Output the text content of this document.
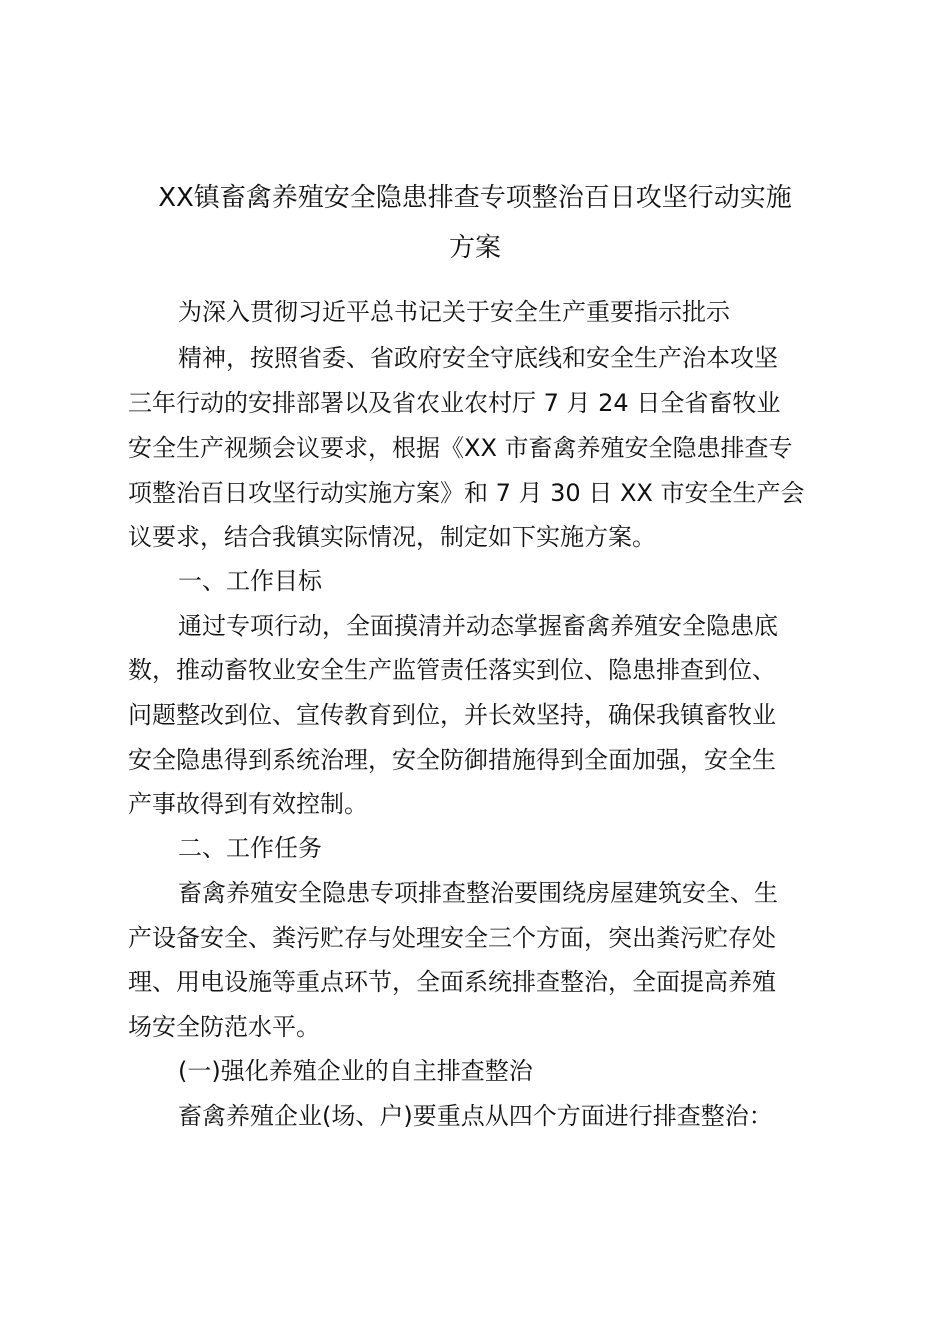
XX镇畜禽养殖安全隐患排查专项整治百日攻坚行动实施
方案
为深入贯彻习近平总书记关于安全生产重要指示批示
精神，按照省委、省政府安全守底线和安全生产治本攻坚
三年行动的安排部署以及省农业农村厅 7 月 24 日全省畜牧业
安全生产视频会议要求，根据《XX 市畜禽养殖安全隐患排查专
项整治百日攻坚行动实施方案》和 7 月 30 日 XX 市安全生产会
议要求，结合我镇实际情况，制定如下实施方案。
一、工作目标
通过专项行动，全面摸清并动态掌握畜禽养殖安全隐患底
数，推动畜牧业安全生产监管责任落实到位、隐患排查到位、
问题整改到位、宣传教育到位，并长效坚持，确保我镇畜牧业
安全隐患得到系统治理，安全防御措施得到全面加强，安全生
产事故得到有效控制。
二、工作任务
畜禽养殖安全隐患专项排查整治要围绕房屋建筑安全、生
产设备安全、粪污贮存与处理安全三个方面，突出粪污贮存处
理、用电设施等重点环节，全面系统排查整治，全面提高养殖
场安全防范水平。
(一)强化养殖企业的自主排查整治
畜禽养殖企业(场、户)要重点从四个方面进行排查整治：
